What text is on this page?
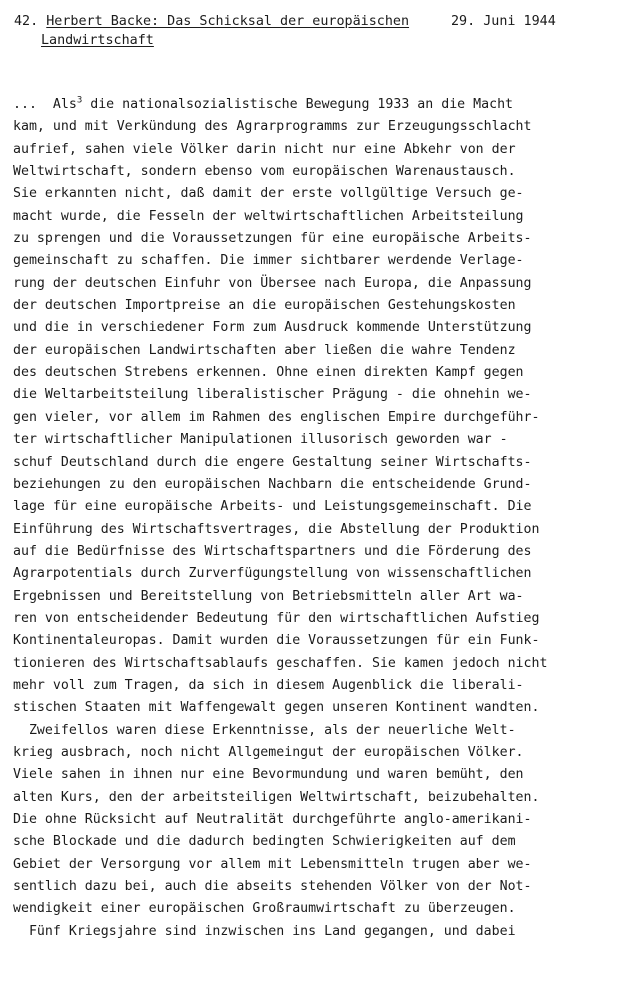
42. Herbert Backe: Das Schicksal der europäischen	29. Juni 1944
Landwirtschaft
...  Als$^3$ die nationalsozialistische Bewegung 1933 an die Macht
kam, und mit Verkündung des Agrarprogramms zur Erzeugungsschlacht
aufrief, sahen viele Völker darin nicht nur eine Abkehr von der
Weltwirtschaft, sondern ebenso vom europäischen Warenaustausch.
Sie erkannten nicht, daß damit der erste vollgültige Versuch ge-
macht wurde, die Fesseln der weltwirtschaftlichen Arbeitsteilung
zu sprengen und die Voraussetzungen für eine europäische Arbeits-
gemeinschaft zu schaffen. Die immer sichtbarer werdende Verlage-
rung der deutschen Einfuhr von Übersee nach Europa, die Anpassung
der deutschen Importpreise an die europäischen Gestehungskosten
und die in verschiedener Form zum Ausdruck kommende Unterstützung
der europäischen Landwirtschaften aber ließen die wahre Tendenz
des deutschen Strebens erkennen. Ohne einen direkten Kampf gegen
die Weltarbeitsteilung liberalistischer Prägung - die ohnehin we-
gen vieler, vor allem im Rahmen des englischen Empire durchgeführ-
ter wirtschaftlicher Manipulationen illusorisch geworden war -
schuf Deutschland durch die engere Gestaltung seiner Wirtschafts-
beziehungen zu den europäischen Nachbarn die entscheidende Grund-
lage für eine europäische Arbeits- und Leistungsgemeinschaft. Die
Einführung des Wirtschaftsvertrages, die Abstellung der Produktion
auf die Bedürfnisse des Wirtschaftspartners und die Förderung des
Agrarpotentials durch Zurverfügungstellung von wissenschaftlichen
Ergebnissen und Bereitstellung von Betriebsmitteln aller Art wa-
ren von entscheidender Bedeutung für den wirtschaftlichen Aufstieg
Kontinentaleuropas. Damit wurden die Voraussetzungen für ein Funk-
tionieren des Wirtschaftsablaufs geschaffen. Sie kamen jedoch nicht
mehr voll zum Tragen, da sich in diesem Augenblick die liberali-
stischen Staaten mit Waffengewalt gegen unseren Kontinent wandten.
Zweifellos waren diese Erkenntnisse, als der neuerliche Welt-
krieg ausbrach, noch nicht Allgemeingut der europäischen Völker.
Viele sahen in ihnen nur eine Bevormundung und waren bemüht, den
alten Kurs, den der arbeitsteiligen Weltwirtschaft, beizubehalten.
Die ohne Rücksicht auf Neutralität durchgeführte anglo-amerikani-
sche Blockade und die dadurch bedingten Schwierigkeiten auf dem
Gebiet der Versorgung vor allem mit Lebensmitteln trugen aber we-
sentlich dazu bei, auch die abseits stehenden Völker von der Not-
wendigkeit einer europäischen Großraumwirtschaft zu überzeugen.
Fünf Kriegsjahre sind inzwischen ins Land gegangen, und dabei
